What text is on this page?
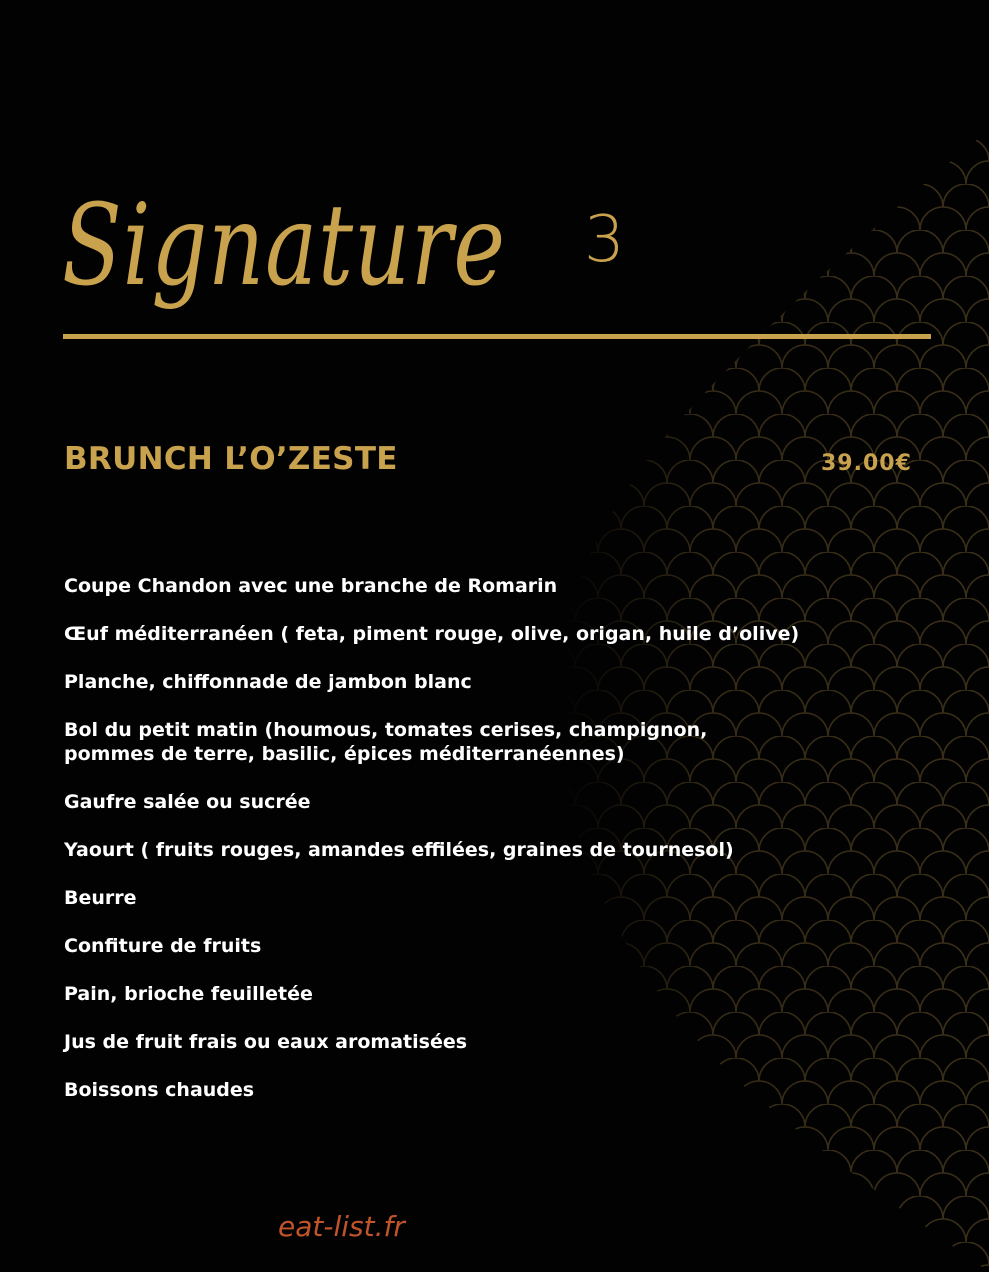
Signature 3
BRUNCH L’O’ZESTE	39.00€
Coupe Chandon avec une branche de Romarin
Œuf méditerranéen ( feta, piment rouge, olive, origan, huile d’olive)
Planche, chiffonnade de jambon blanc
Bol du petit matin (houmous, tomates cerises, champignon,
pommes de terre, basilic, épices méditerranéennes)
Gaufre salée ou sucrée
Yaourt ( fruits rouges, amandes effilées, graines de tournesol)
Beurre
Confiture de fruits
Pain, brioche feuilletée
Jus de fruit frais ou eaux aromatisées
Boissons chaudes
eat-list.fr
